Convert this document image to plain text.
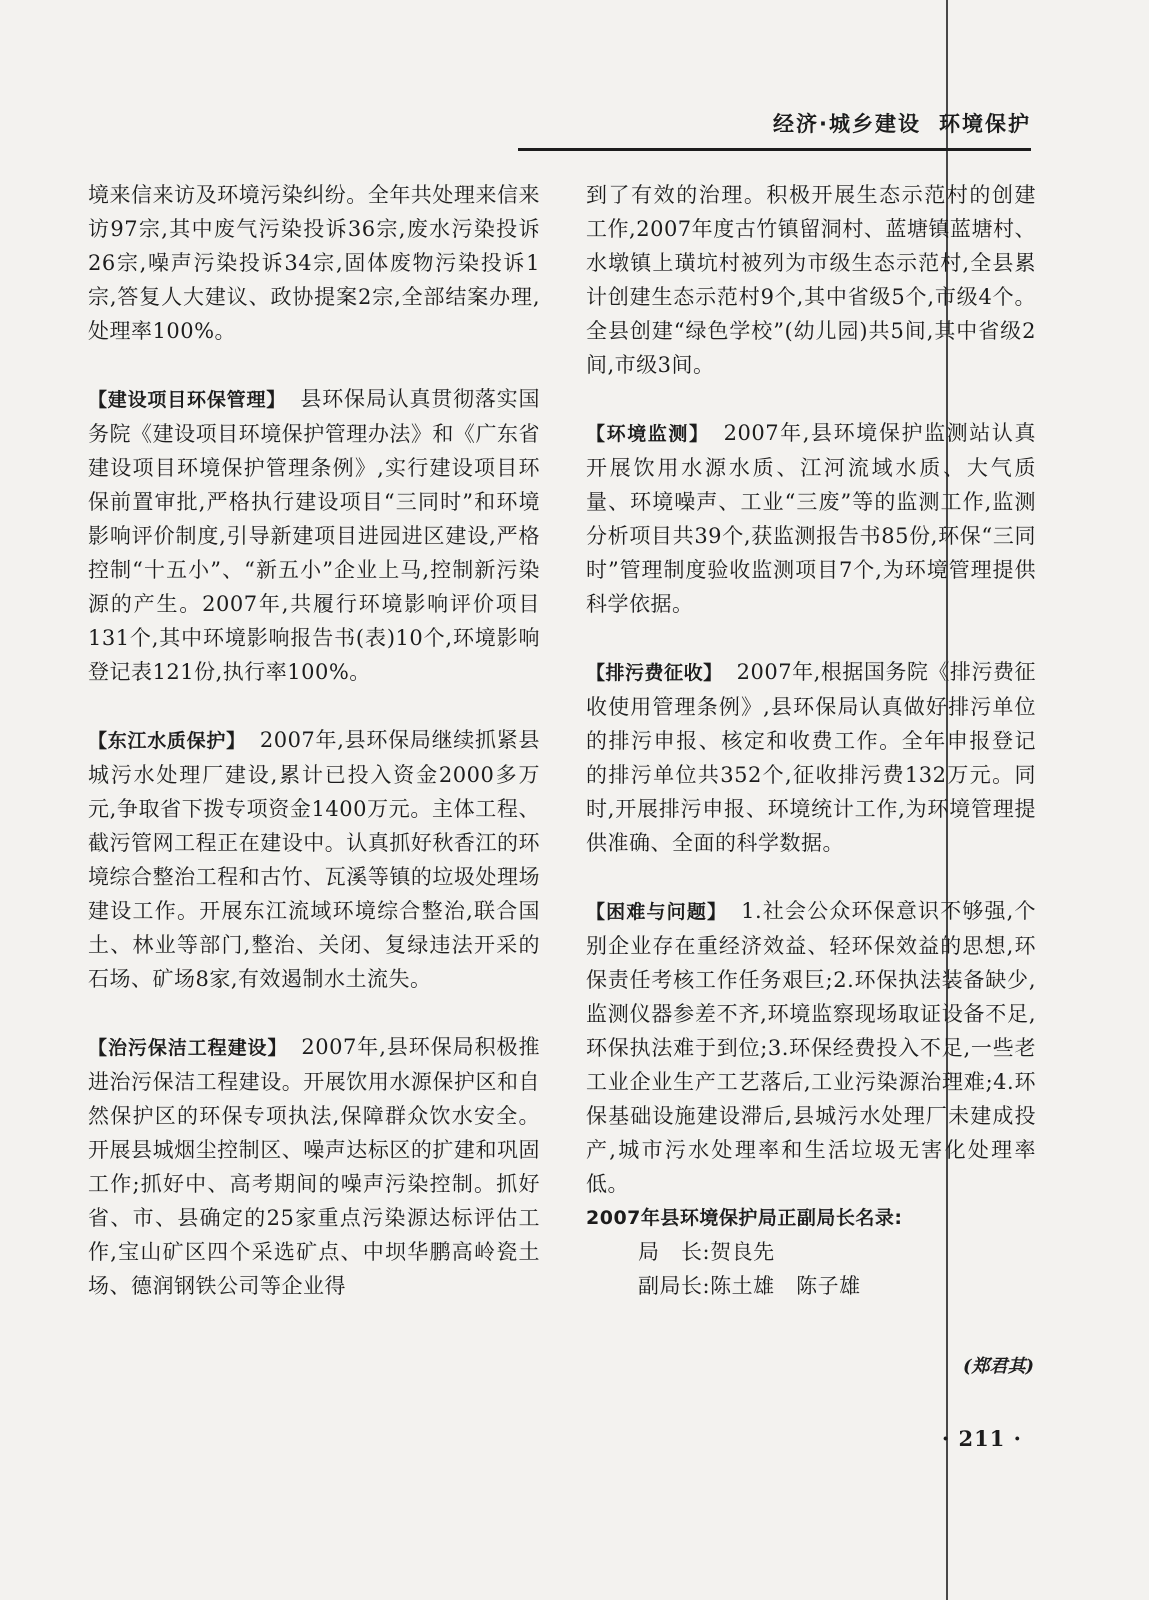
经济·城乡建设 环境保护

境来信来访及环境污染纠纷。全年共处理来信来访97宗,其中废气污染投诉36宗,废水污染投诉26宗,噪声污染投诉34宗,固体废物污染投诉1宗,答复人大建议、政协提案2宗,全部结案办理,处理率100%。

【建设项目环保管理】 县环保局认真贯彻落实国务院《建设项目环境保护管理办法》和《广东省建设项目环境保护管理条例》,实行建设项目环保前置审批,严格执行建设项目“三同时”和环境影响评价制度,引导新建项目进园进区建设,严格控制“十五小”、“新五小”企业上马,控制新污染源的产生。2007年,共履行环境影响评价项目131个,其中环境影响报告书(表)10个,环境影响登记表121份,执行率100%。

【东江水质保护】 2007年,县环保局继续抓紧县城污水处理厂建设,累计已投入资金2000多万元,争取省下拨专项资金1400万元。主体工程、截污管网工程正在建设中。认真抓好秋香江的环境综合整治工程和古竹、瓦溪等镇的垃圾处理场建设工作。开展东江流域环境综合整治,联合国土、林业等部门,整治、关闭、复绿违法开采的石场、矿场8家,有效遏制水土流失。

【治污保洁工程建设】 2007年,县环保局积极推进治污保洁工程建设。开展饮用水源保护区和自然保护区的环保专项执法,保障群众饮水安全。开展县城烟尘控制区、噪声达标区的扩建和巩固工作;抓好中、高考期间的噪声污染控制。抓好省、市、县确定的25家重点污染源达标评估工作,宝山矿区四个采选矿点、中坝华鹏高岭瓷土场、德润钢铁公司等企业得

到了有效的治理。积极开展生态示范村的创建工作,2007年度古竹镇留洞村、蓝塘镇蓝塘村、水墩镇上璜坑村被列为市级生态示范村,全县累计创建生态示范村9个,其中省级5个,市级4个。全县创建“绿色学校”(幼儿园)共5间,其中省级2间,市级3间。

【环境监测】 2007年,县环境保护监测站认真开展饮用水源水质、江河流域水质、大气质量、环境噪声、工业“三废”等的监测工作,监测分析项目共39个,获监测报告书85份,环保“三同时”管理制度验收监测项目7个,为环境管理提供科学依据。

【排污费征收】 2007年,根据国务院《排污费征收使用管理条例》,县环保局认真做好排污单位的排污申报、核定和收费工作。全年申报登记的排污单位共352个,征收排污费132万元。同时,开展排污申报、环境统计工作,为环境管理提供准确、全面的科学数据。

【困难与问题】 1.社会公众环保意识不够强,个别企业存在重经济效益、轻环保效益的思想,环保责任考核工作任务艰巨;2.环保执法装备缺少,监测仪器参差不齐,环境监察现场取证设备不足,环保执法难于到位;3.环保经费投入不足,一些老工业企业生产工艺落后,工业污染源治理难;4.环保基础设施建设滞后,县城污水处理厂未建成投产,城市污水处理率和生活垃圾无害化处理率低。

2007年县环境保护局正副局长名录:

局　长:贺良先

副局长:陈土雄　陈子雄

(郑君其)
· 211 ·
